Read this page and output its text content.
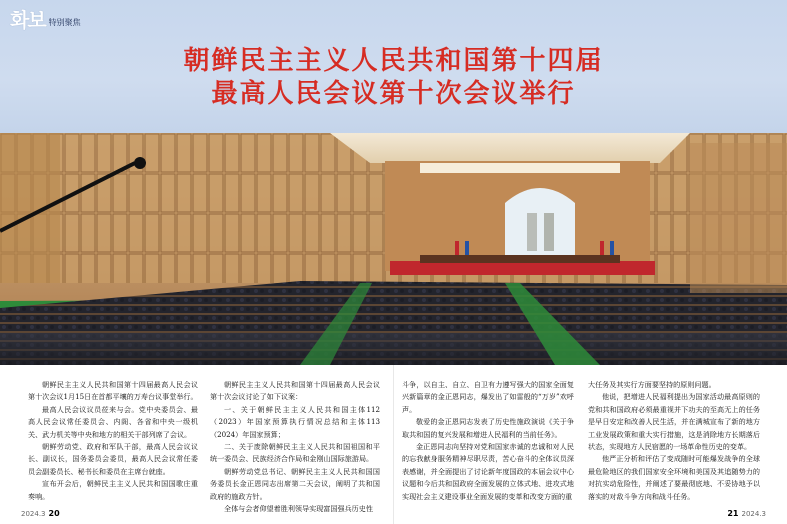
화보 特别聚焦
朝鲜民主主义人民共和国第十四届
最高人民会议第十次会议举行

朝鲜民主主义人民共和国第十四届最高人民会议第十次会议1月15日在首都平壤的万寿台议事堂举行。

最高人民会议议员莅来与会。党中央委员会、最高人民会议常任委员会、内阁、各省和中央一级机关、武力机关等中央和地方的相关干部列席了会议。

朝鲜劳动党、政府和军队干部，最高人民会议议长、副议长，国务委员会委员，最高人民会议常任委员会副委员长、秘书长和委员在主席台就座。

宣布开会后，朝鲜民主主义人民共和国国歌庄重奏响。

朝鲜民主主义人民共和国第十四届最高人民会议第十次会议讨论了如下议案：

一、关于朝鲜民主主义人民共和国主体112（2023）年国家预算执行情况总结和主体113（2024）年国家预算；

二、关于废除朝鲜民主主义人民共和国祖国和平统一委员会、民族经济合作局和金刚山国际旅游局。

朝鲜劳动党总书记、朝鲜民主主义人民共和国国务委员长金正恩同志出席第二天会议，阐明了共和国政府的施政方针。

全体与会者仰望着胜利领导实现富国强兵历史性

斗争，以自主、自立、自卫有力遵写强大的国家全面复兴新篇章的金正恩同志，爆发出了如雷般的“万岁”欢呼声。

敬爱的金正恩同志发表了历史性施政演说《关于争取共和国的复兴发展和增进人民福利的当前任务》。

金正恩同志向坚持对党和国家赤诚的忠诚和对人民的忘我献身服务精神尽职尽责，苦心奋斗的全体议员深表感谢，并全面提出了讨论新年度国政的本届会议中心议题和今后共和国政府全面发展的立体式地、进攻式地实现社会主义建设事业全面发展的变革和改变方面的重

大任务及其实行方面要坚持的原则问题。

他说，把增进人民福利提出为国家活动最高原则的党和共和国政府必须最重视并下功夫的至高无上的任务是早日安定和改善人民生活，并在满城宣布了新的地方工业发展政策和重大实行措施，这是消除地方长期落后状态，实现地方人民宿愿的一场革命性历史的变革。

他严正分析和评估了变成随时可能爆发战争的全球最危险地区的我们国家安全环境和美国及其追随势力的对抗实动危险性，并阐述了要最彻底地、不妥协地予以落实的对敌斗争方向和战斗任务。

2024.3 20	21 2024.3
